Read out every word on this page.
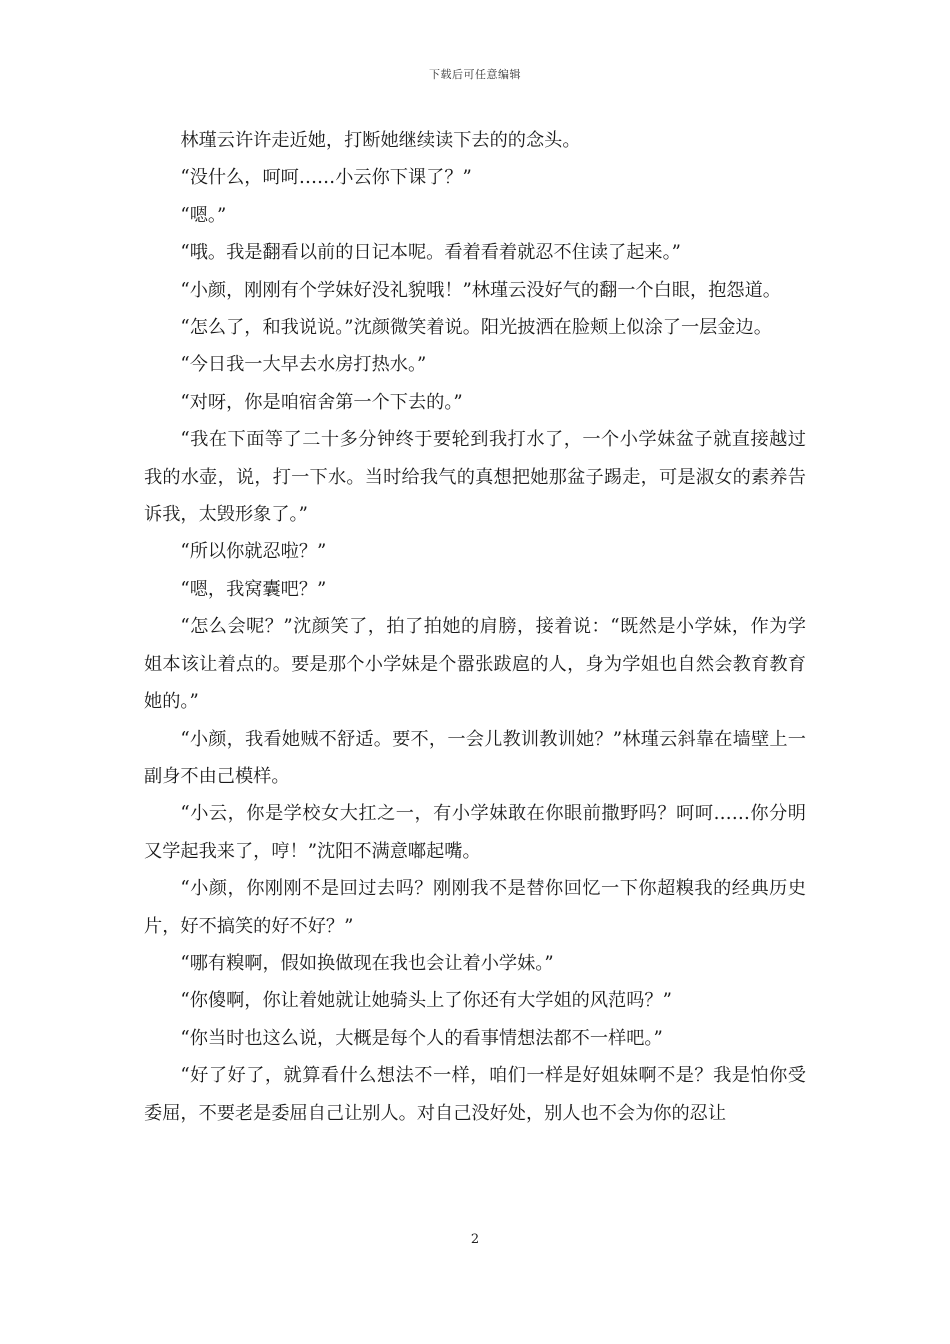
下载后可任意编辑

林瑾云许许走近她，打断她继续读下去的的念头。

“没什么，呵呵……小云你下课了？”

“嗯。”

“哦。我是翻看以前的日记本呢。看着看着就忍不住读了起来。”

“小颜，刚刚有个学妹好没礼貌哦！”林瑾云没好气的翻一个白眼，抱怨道。

“怎么了，和我说说。”沈颜微笑着说。阳光披洒在脸颊上似涂了一层金边。

“今日我一大早去水房打热水。”

“对呀，你是咱宿舍第一个下去的。”

“我在下面等了二十多分钟终于要轮到我打水了，一个小学妹盆子就直接越过我的水壶，说，打一下水。当时给我气的真想把她那盆子踢走，可是淑女的素养告诉我，太毁形象了。”

“所以你就忍啦？”

“嗯，我窝囊吧？”

“怎么会呢？”沈颜笑了，拍了拍她的肩膀，接着说：“既然是小学妹，作为学姐本该让着点的。要是那个小学妹是个嚣张跋扈的人，身为学姐也自然会教育教育她的。”

“小颜，我看她贼不舒适。要不，一会儿教训教训她？”林瑾云斜靠在墙壁上一副身不由己模样。

“小云，你是学校女大扛之一，有小学妹敢在你眼前撒野吗？呵呵……你分明又学起我来了，哼！”沈阳不满意嘟起嘴。

“小颜，你刚刚不是回过去吗？刚刚我不是替你回忆一下你超糗我的经典历史片，好不搞笑的好不好？”

“哪有糗啊，假如换做现在我也会让着小学妹。”

“你傻啊，你让着她就让她骑头上了你还有大学姐的风范吗？”

“你当时也这么说，大概是每个人的看事情想法都不一样吧。”

“好了好了，就算看什么想法不一样，咱们一样是好姐妹啊不是？我是怕你受委屈，不要老是委屈自己让别人。对自己没好处，别人也不会为你的忍让

2
